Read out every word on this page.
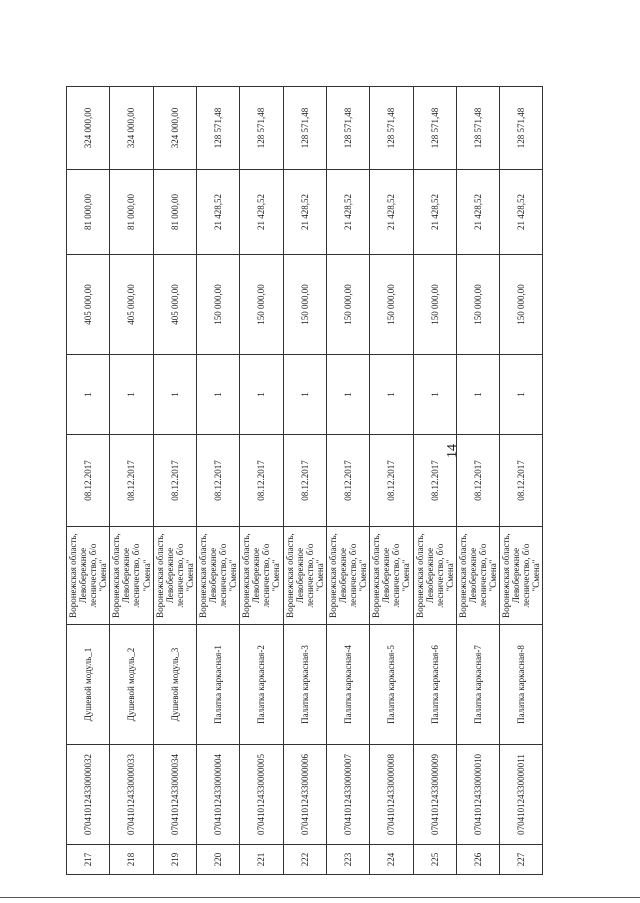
14
217	070410124330000032	Душевой модуль_1	Воронежская область, Левобережное лесничество, б/о "Смена"	08.12.2017	1	405 000,00	81 000,00	324 000,00
218	070410124330000033	Душевой модуль_2	Воронежская область, Левобережное лесничество, б/о "Смена"	08.12.2017	1	405 000,00	81 000,00	324 000,00
219	070410124330000034	Душевой модуль_3	Воронежская область, Левобережное лесничество, б/о "Смена"	08.12.2017	1	405 000,00	81 000,00	324 000,00
220	070410124330000004	Палатка каркасная-1	Воронежская область, Левобережное лесничество, б/о "Смена"	08.12.2017	1	150 000,00	21 428,52	128 571,48
221	070410124330000005	Палатка каркасная-2	Воронежская область, Левобережное лесничество, б/о "Смена"	08.12.2017	1	150 000,00	21 428,52	128 571,48
222	070410124330000006	Палатка каркасная-3	Воронежская область, Левобережное лесничество, б/о "Смена"	08.12.2017	1	150 000,00	21 428,52	128 571,48
223	070410124330000007	Палатка каркасная-4	Воронежская область, Левобережное лесничество, б/о "Смена"	08.12.2017	1	150 000,00	21 428,52	128 571,48
224	070410124330000008	Палатка каркасная-5	Воронежская область, Левобережное лесничество, б/о "Смена"	08.12.2017	1	150 000,00	21 428,52	128 571,48
225	070410124330000009	Палатка каркасная-6	Воронежская область, Левобережное лесничество, б/о "Смена"	08.12.2017	1	150 000,00	21 428,52	128 571,48
226	070410124330000010	Палатка каркасная-7	Воронежская область, Левобережное лесничество, б/о "Смена"	08.12.2017	1	150 000,00	21 428,52	128 571,48
227	070410124330000011	Палатка каркасная-8	Воронежская область, Левобережное лесничество, б/о "Смена"	08.12.2017	1	150 000,00	21 428,52	128 571,48
